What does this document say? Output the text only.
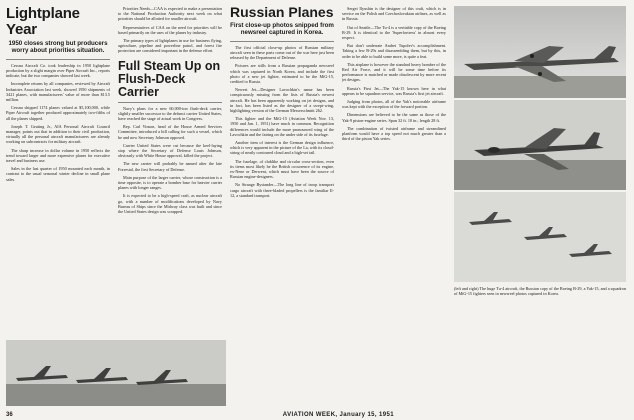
Lightplane Year
1950 closes strong but producers worry about priorities situation.

Cessna Aircraft Co. took leadership in 1950 lightplane production by a slight margin over Piper Aircraft Inc., reports indicate, but the two companies showed last week.

Incomplete returns by all companies, reviewed by Aircraft Industries Association last week, showed 1950 shipments of 3421 planes, with manufacturers' value of more than $13.5 million.

Cessna shipped 1174 planes valued at $5,100,000, while Piper Aircraft together produced approximately two-fifths of all the planes shipped.

Joseph T. Geuting Jr., AIA Personal Aircraft Council manager, points out that in addition to their civil production, virtually all the personal aircraft manufacturers are already working on subcontracts for military aircraft.

The sharp increase in dollar volume in 1950 reflects the trend toward larger and more expensive planes for executive travel and business use.

Sales in the last quarter of 1950 mounted each month, in contrast to the usual seasonal winter decline in small plane sales.

Priorities Needs—CAA is expected to make a presentation to the National Production Authority next week on what priorities should be allotted for smaller aircraft.

Representatives of CAA on the need for priorities will be based primarily on the uses of the planes by industry.

The primary types of lightplanes in use for business flying, agriculture, pipeline and powerline patrol, and forest fire protection are considered important in the defense effort.

Full Steam Up on Flush-Deck Carrier

Navy's plans for a new 60,000-ton flush-deck carrier, slightly smaller successor to the defunct carrier United States, have reached the stage of actual work in Congress.

Rep. Carl Vinson, head of the House Armed Services Committee, introduced a bill calling for such a vessel, which he and now Secretary Johnson opposed.

Carrier United States were cut because the keel-laying stop where the Secretary of Defense Louis Johnson, obviously with White House approval, killed the project.

The new carrier will probably be named after the late Forrestal, the first Secretary of Defense.

Main purpose of the larger carrier, whose construction is a time opposite, is to operate a bomber base for heavier carrier planes with longer ranges.

It is expected to be a high-speed craft, as nuclear aircraft go, with a number of modifications developed by Navy Bureau of Ships since the Midway class was built and since the United States design was scrapped.

Russian Planes
First close-up photos snipped from newsreel captured in Korea.

The first official close-up photos of Russian military aircraft seen in these parts come out of the war here just been released by the Department of Defense.

Pictures are stills from a Russian propaganda newsreel which was captured in North Korea, and include the first photo of a new jet fighter, estimated to be the MiG-15, credited to Russia.

Newest Jet—Designer Lavochkin's name has been conspicuously missing from the lists of Russia's newest aircraft. He has been apparently working on jet designs, and in fact, has been listed as the designer of a swept-wing, highlighting version of the German Messerschmitt 262.

This fighter and the MiG-15 (Aviation Week Nov. 13, 1950 and Jan. 1, 1951) have much in common. Recognition differences would include the more pronounced wing of the Lavochkin and the fairing on the under side of its fuselage.

Another item of interest is the German design influence, which is very apparent in the picture of the La, with its cloud-string of neatly contoured cloud and a high-set tail.

The fuselage, of clublike and circular cross-section, even its items most likely be the British occurrence of its engine, ex-Nene or Derwent, which must have been the source of Russian engine-designers.

No Strange Bystander—The long line of troop transport cargo aircraft with three-bladed propellers is the familiar Il-12, a standard transport.

Sergei Ilyushin is the designer of this craft, which is in service on the Polish and Czechoslovakian airlines, as well as in Russia.

Out of Seattle—The Tu-4 is a veritable copy of the Boeing B-29. It is identical to the 'Superfortress' in almost every respect.

But don't underrate Andrei Tupolev's accomplishment. Taking a few B-29s and disassembling them, but by this, in order to be able to build some more, is quite a feat.

This airplane is however the standard heavy bomber of the Red Air Force, and it will be some time before its performance is matched or made obsolescent by more recent jet designs.

Russia's First Jet—The Yak-15 known here in what appears to be squadron service, was Russia's first jet aircraft.

Judging from photos, all of the Yak's noticeable airframe was kept with the exception of the forward portion.

Dimensions are believed to be the same as those of the Yak-9 piston-engine series. Span 32 ft. 10 in.; length 28 ft.

The combination of twisted airframe and streamlined planform would have a top speed not much greater than a third of the piston Yak series.

(left and right) The huge Tu-4 aircraft, the Russian copy of the Boeing B-29, a Yak-15, and a squadron of MiG-15 fighters seen in newsreel photos captured in Korea.
36	AVIATION WEEK, January 15, 1951
